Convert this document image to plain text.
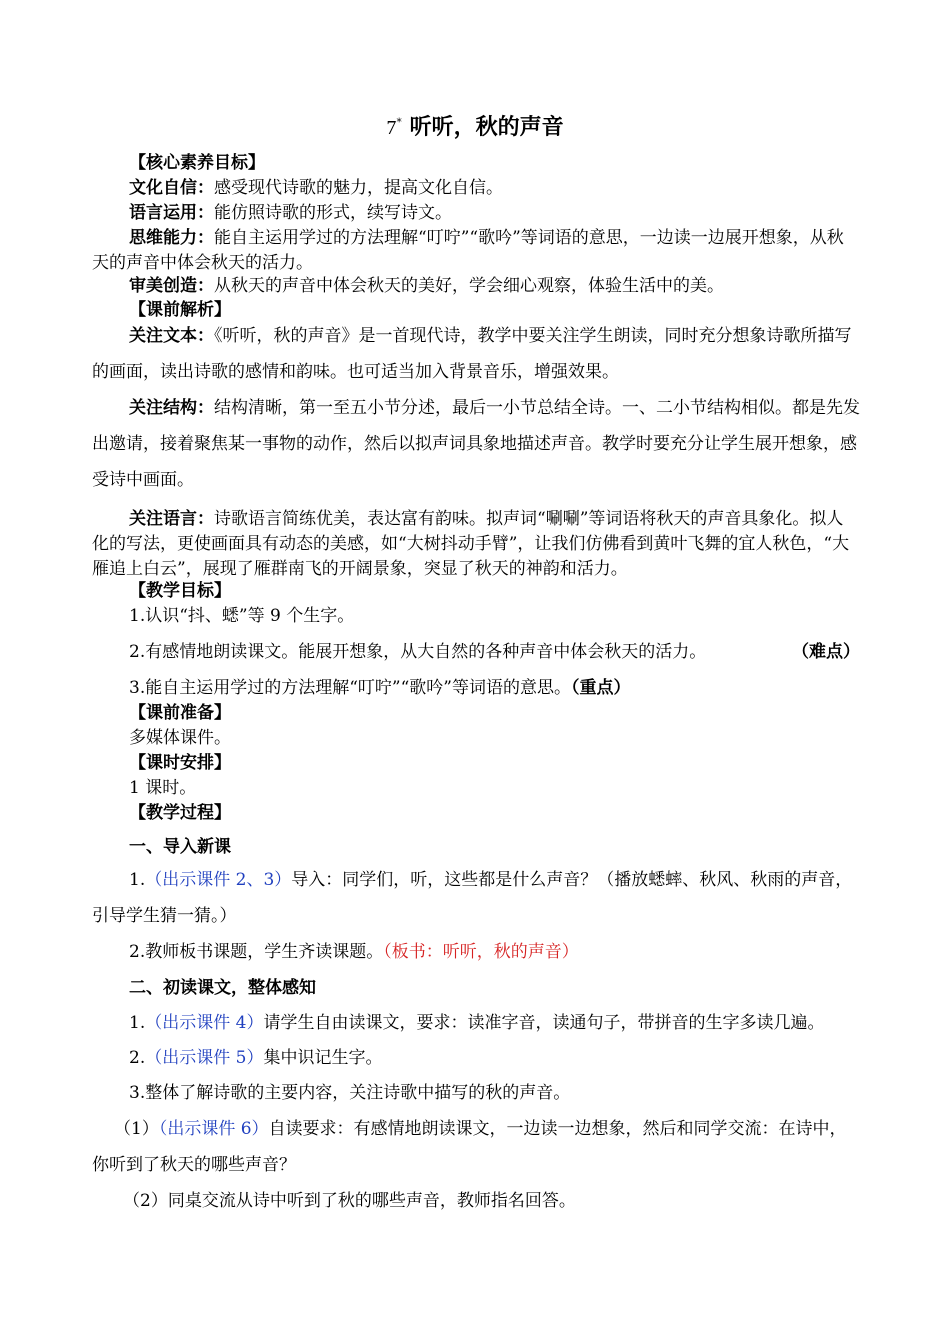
7* 听听，秋的声音

【核心素养目标】

文化自信：感受现代诗歌的魅力，提高文化自信。

语言运用：能仿照诗歌的形式，续写诗文。

思维能力：能自主运用学过的方法理解“叮咛”“歌吟”等词语的意思，一边读一边展开想象，从秋天的声音中体会秋天的活力。

审美创造：从秋天的声音中体会秋天的美好，学会细心观察，体验生活中的美。

【课前解析】

关注文本：《听听，秋的声音》是一首现代诗，教学中要关注学生朗读，同时充分想象诗歌所描写的画面，读出诗歌的感情和韵味。也可适当加入背景音乐，增强效果。

关注结构：结构清晰，第一至五小节分述，最后一小节总结全诗。一、二小节结构相似。都是先发出邀请，接着聚焦某一事物的动作，然后以拟声词具象地描述声音。教学时要充分让学生展开想象，感受诗中画面。

关注语言：诗歌语言简练优美，表达富有韵味。拟声词“唰唰”等词语将秋天的声音具象化。拟人化的写法，更使画面具有动态的美感，如“大树抖动手臂”，让我们仿佛看到黄叶飞舞的宜人秋色，“大雁追上白云”，展现了雁群南飞的开阔景象，突显了秋天的神韵和活力。

【教学目标】

1.认识“抖、蟋”等 9 个生字。

2.有感情地朗读课文。能展开想象，从大自然的各种声音中体会秋天的活力。	（难点）

3.能自主运用学过的方法理解“叮咛”“歌吟”等词语的意思。（重点）

【课前准备】

多媒体课件。

【课时安排】

1 课时。

【教学过程】

一、导入新课

1.（出示课件 2、3）导入：同学们，听，这些都是什么声音？（播放蟋蟀、秋风、秋雨的声音，引导学生猜一猜。）

2.教师板书课题，学生齐读课题。（板书：听听，秋的声音）

二、初读课文，整体感知

1.（出示课件 4）请学生自由读课文，要求：读准字音，读通句子，带拼音的生字多读几遍。

2.（出示课件 5）集中识记生字。

3.整体了解诗歌的主要内容，关注诗歌中描写的秋的声音。

（1）（出示课件 6）自读要求：有感情地朗读课文，一边读一边想象，然后和同学交流：在诗中，你听到了秋天的哪些声音？

（2）同桌交流从诗中听到了秋的哪些声音，教师指名回答。
